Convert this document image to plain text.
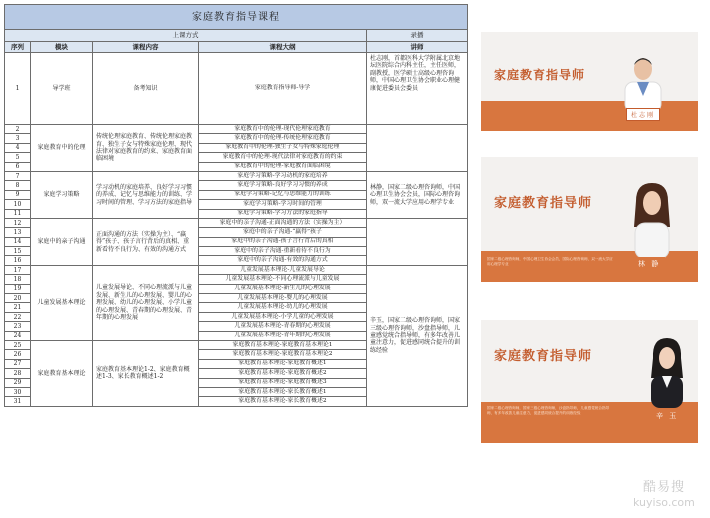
家庭教育指导课程				
上课方式				录播
序列	模块	课程内容	课程大纲	讲师
1	导学班	备考知识	家庭教育指导师-导学	杜志刚，首都医科大学附属北京地坛医院综合内科主任，主任医师，副教授，医学硕士高级心理咨询师，中国心理卫生协会职业心理健康促进委员会委员
2	家庭教育中的伦理	传统伦理家庭教育、传统伦理家庭教育、独生子女与特殊家庭伦理、现代法律对家庭教育的约束、家庭教育面临困境	家庭教育中的伦理-现代伦理家庭教育	
3			家庭教育中的伦理-传统伦理家庭教育	
4			家庭教育中的伦理-独生子女与特殊家庭伦理	
5			家庭教育中的伦理-现代法律对家庭教育的约束	
6			家庭教育中的伦理-家庭教育面临困境	
7	家庭学习策略	学习动机的家庭培养、良好学习习惯的养成、记忆与思维能力的训练、学习时间的管理、学习方法的家庭指导	家庭学习策略-学习动机的家庭培养	林静，国家二级心理咨询师，中国心理卫生协会会员，国际心理咨询师，双一流大学应用心理学专业
8			家庭学习策略-良好学习习惯的养成	
9			家庭学习策略-记忆与思维能力的训练	
10			家庭学习策略-学习时间的管理	
11			家庭学习策略-学习方法的家庭指导	
12	家庭中的亲子沟通	正面沟通的方法（实操为主）、“赢得”孩子、孩子言行背后的真相、重新看待不良行为、有效的沟通方式	家庭中的亲子沟通-正面沟通的方法（实操为主）	
13			家庭中的亲子沟通-“赢得”孩子	
14			家庭中的亲子沟通-孩子言行背后的真相	
15			家庭中的亲子沟通-重新看待不良行为	
16			家庭中的亲子沟通-有效的沟通方式	
17	儿童发展基本理论	儿童发展导论、不同心理流派与儿童发展、新生儿的心理发展、婴儿的心理发展、幼儿的心理发展、小学儿童的心理发展、青春期的心理发展、青年期的心理发展	儿童发展基本理论-儿童发展导论	辛玉，国家二级心理咨询师，国家三级心理咨询师，沙盘指导师，儿童感觉统合指导师，有多年改善儿童注意力，促进感同统合提升的训练经验
18			儿童发展基本理论-不同心理流派与儿童发展	
19			儿童发展基本理论-新生儿的心理发展	
20			儿童发展基本理论-婴儿的心理发展	
21			儿童发展基本理论-幼儿的心理发展	
22			儿童发展基本理论-小学儿童的心理发展	
23			儿童发展基本理论-青春期的心理发展	
24			儿童发展基本理论-青年期的心理发展	
25	家庭教育基本理论	家庭教育基本理论1-2、家庭教育概述1-3、家长教育概述1-2	家庭教育基本理论-家庭教育基本理论1	
26			家庭教育基本理论-家庭教育基本理论2	
27			家庭教育基本理论-家庭教育概述1	
28			家庭教育基本理论-家庭教育概述2	
29			家庭教育基本理论-家庭教育概述3	
30			家庭教育基本理论-家长教育概述1	
31			家庭教育基本理论-家长教育概述2	
家庭教育指导师
杜志刚
家庭教育指导师
国家二级心理咨询师，中国心理卫生协会会员，国际心理咨询师，双一流大学应用心理学专业	林 静
家庭教育指导师
国家二级心理咨询师，国家三级心理咨询师，沙盘指导师，儿童感觉统合指导师，有多年改善儿童注意力，促进感同统合提升的训练经验	辛 玉
酷易搜
kuyiso.com
